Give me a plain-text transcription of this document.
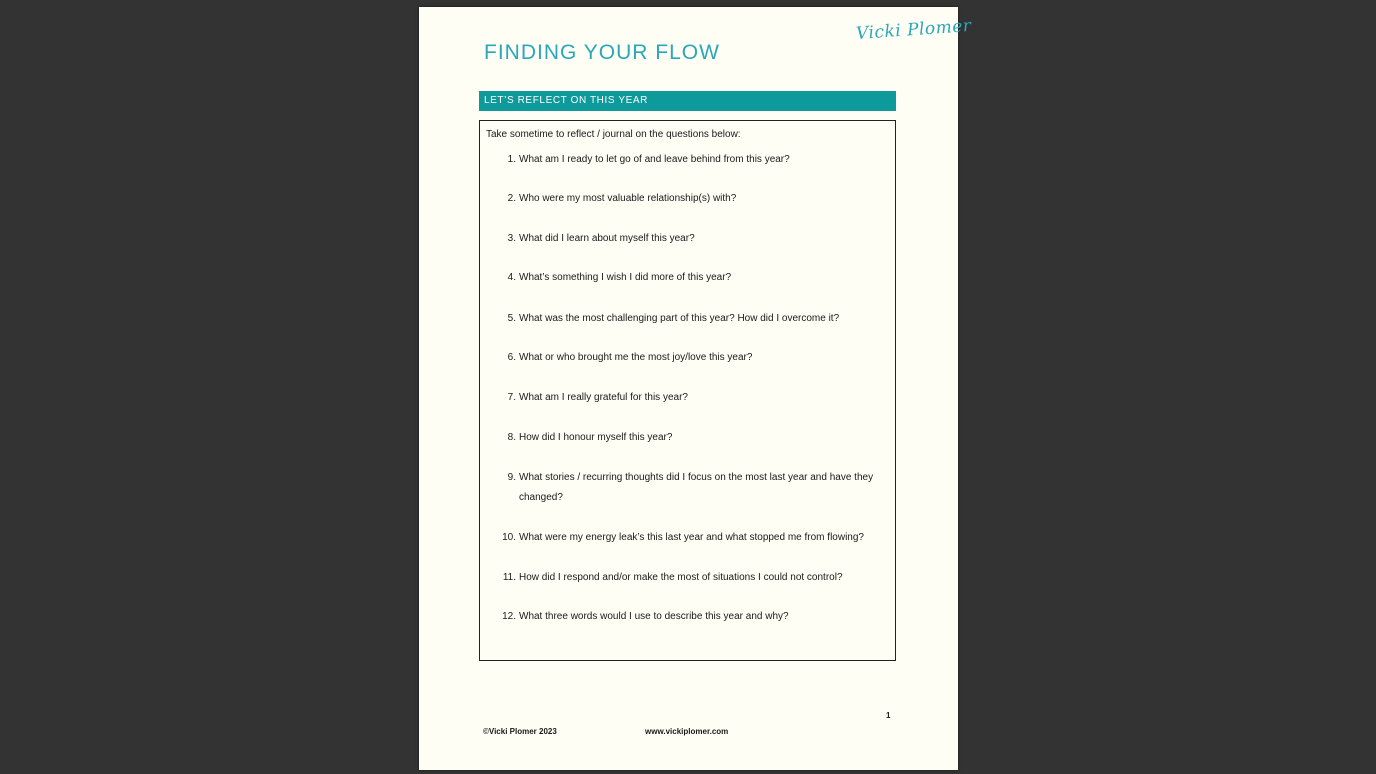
Vicki Plomer
FINDING YOUR FLOW
LET’S REFLECT ON THIS YEAR
Take sometime to reflect / journal on the questions below:
1. What am I ready to let go of and leave behind from this year?
2. Who were my most valuable relationship(s) with?
3. What did I learn about myself this year?
4. What’s something I wish I did more of this year?
5. What was the most challenging part of this year? How did I overcome it?
6. What or who brought me the most joy/love this year?
7. What am I really grateful for this year?
8. How did I honour myself this year?
9. What stories / recurring thoughts did I focus on the most last year and have they changed?
10. What were my energy leak’s this last year and what stopped me from flowing?
11. How did I respond and/or make the most of situations I could not control?
12. What three words would I use to describe this year and why?
1
©Vicki Plomer 2023	www.vickiplomer.com
